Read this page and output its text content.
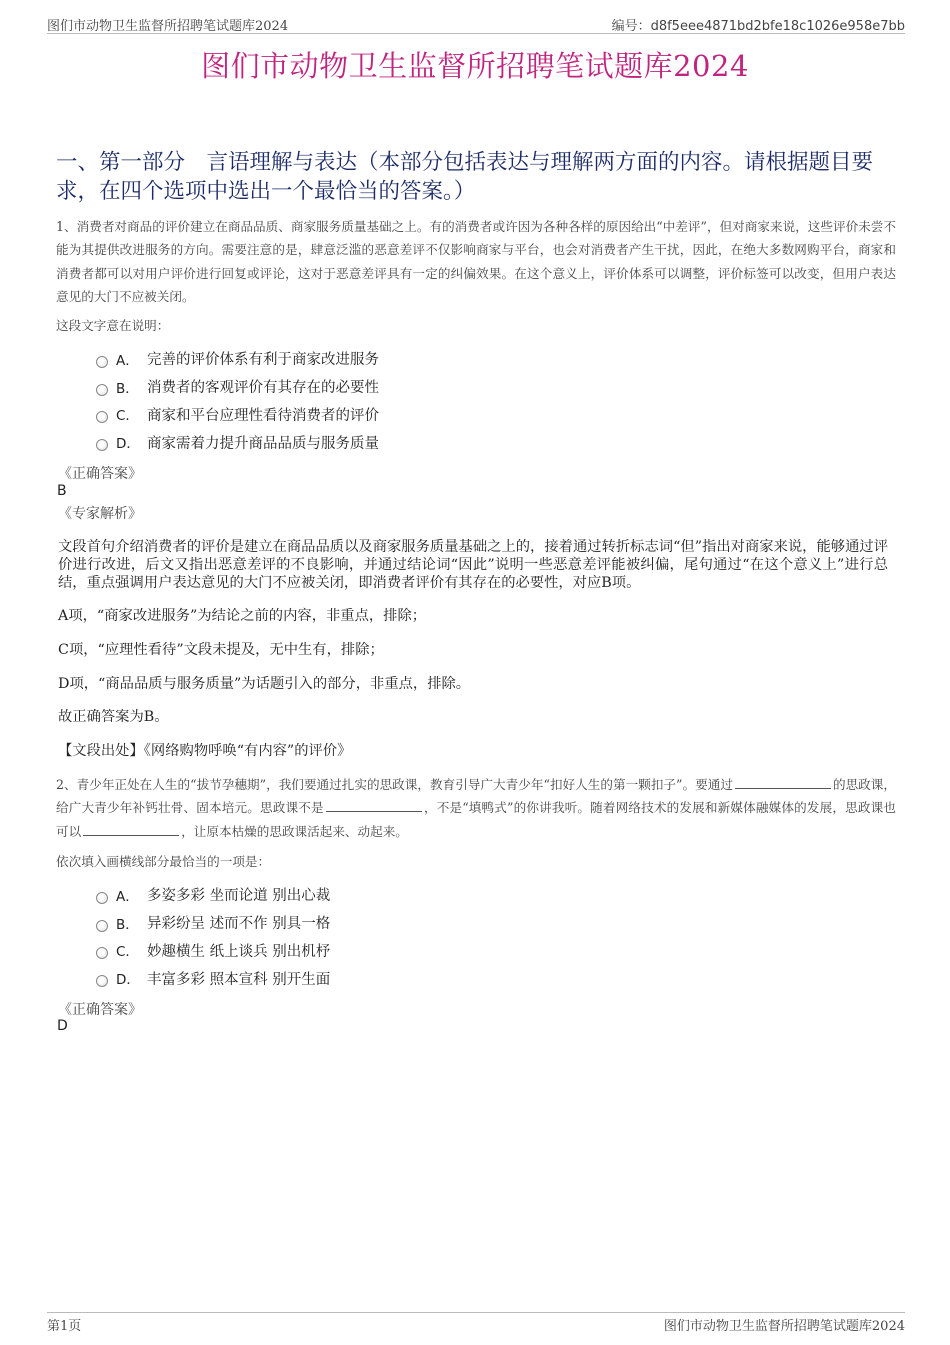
图们市动物卫生监督所招聘笔试题库2024	编号：d8f5eee4871bd2bfe18c1026e958e7bb
图们市动物卫生监督所招聘笔试题库2024
一、第一部分　言语理解与表达（本部分包括表达与理解两方面的内容。请根据题目要求，在四个选项中选出一个最恰当的答案。）
1、消费者对商品的评价建立在商品品质、商家服务质量基础之上。有的消费者或许因为各种各样的原因给出“中差评”，但对商家来说，这些评价未尝不能为其提供改进服务的方向。需要注意的是，肆意泛滥的恶意差评不仅影响商家与平台，也会对消费者产生干扰，因此，在绝大多数网购平台，商家和消费者都可以对用户评价进行回复或评论，这对于恶意差评具有一定的纠偏效果。在这个意义上，评价体系可以调整，评价标签可以改变，但用户表达意见的大门不应被关闭。
这段文字意在说明：
A． 完善的评价体系有利于商家改进服务
B． 消费者的客观评价有其存在的必要性
C． 商家和平台应理性看待消费者的评价
D． 商家需着力提升商品品质与服务质量
《正确答案》
B
《专家解析》
文段首句介绍消费者的评价是建立在商品品质以及商家服务质量基础之上的，接着通过转折标志词“但”指出对商家来说，能够通过评价进行改进，后文又指出恶意差评的不良影响，并通过结论词“因此”说明一些恶意差评能被纠偏，尾句通过“在这个意义上”进行总结，重点强调用户表达意见的大门不应被关闭，即消费者评价有其存在的必要性，对应B项。
A项，“商家改进服务”为结论之前的内容，非重点，排除；
C项，“应理性看待”文段未提及，无中生有，排除；
D项，“商品品质与服务质量”为话题引入的部分，非重点，排除。
故正确答案为B。
【文段出处】《网络购物呼唤“有内容”的评价》
2、青少年正处在人生的“拔节孕穗期”，我们要通过扎实的思政课，教育引导广大青少年“扣好人生的第一颗扣子”。要通过	的思政课，给广大青少年补钙壮骨、固本培元。思政课不是	，不是“填鸭式”的你讲我听。随着网络技术的发展和新媒体融媒体的发展，思政课也可以	，让原本枯燥的思政课活起来、动起来。
依次填入画横线部分最恰当的一项是：
A． 多姿多彩 坐而论道 别出心裁
B． 异彩纷呈 述而不作 别具一格
C． 妙趣横生 纸上谈兵 别出机杼
D． 丰富多彩 照本宣科 别开生面
《正确答案》
D
第1页	图们市动物卫生监督所招聘笔试题库2024
